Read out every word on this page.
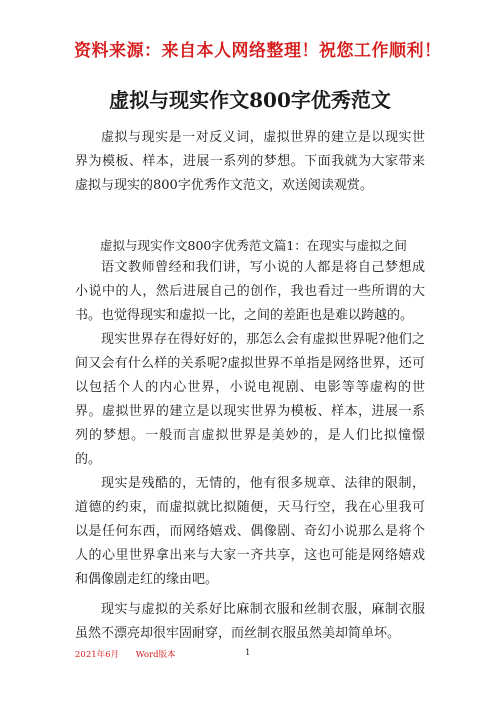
资料来源：来自本人网络整理！祝您工作顺利！
虚拟与现实作文800字优秀范文

虚拟与现实是一对反义词，虚拟世界的建立是以现实世界为模板、样本，进展一系列的梦想。下面我就为大家带来虚拟与现实的800字优秀作文范文，欢送阅读观赏。

虚拟与现实作文800字优秀范文篇1：在现实与虚拟之间

语文教师曾经和我们讲，写小说的人都是将自己梦想成小说中的人，然后进展自己的创作，我也看过一些所谓的大书。也觉得现实和虚拟一比，之间的差距也是难以跨越的。

现实世界存在得好好的，那怎么会有虚拟世界呢?他们之间又会有什么样的关系呢?虚拟世界不单指是网络世界，还可以包括个人的内心世界，小说电视剧、电影等等虚构的世界。虚拟世界的建立是以现实世界为模板、样本，进展一系列的梦想。一般而言虚拟世界是美妙的，是人们比拟憧憬的。

现实是残酷的，无情的，他有很多规章、法律的限制，道德的约束，而虚拟就比拟随便，天马行空，我在心里我可以是任何东西，而网络嬉戏、偶像剧、奇幻小说那么是将个人的心里世界拿出来与大家一齐共享，这也可能是网络嬉戏和偶像剧走红的缘由吧。

现实与虚拟的关系好比麻制衣服和丝制衣服，麻制衣服虽然不漂亮却很牢固耐穿，而丝制衣服虽然美却简单坏。

2021年6月 Word版本	1
